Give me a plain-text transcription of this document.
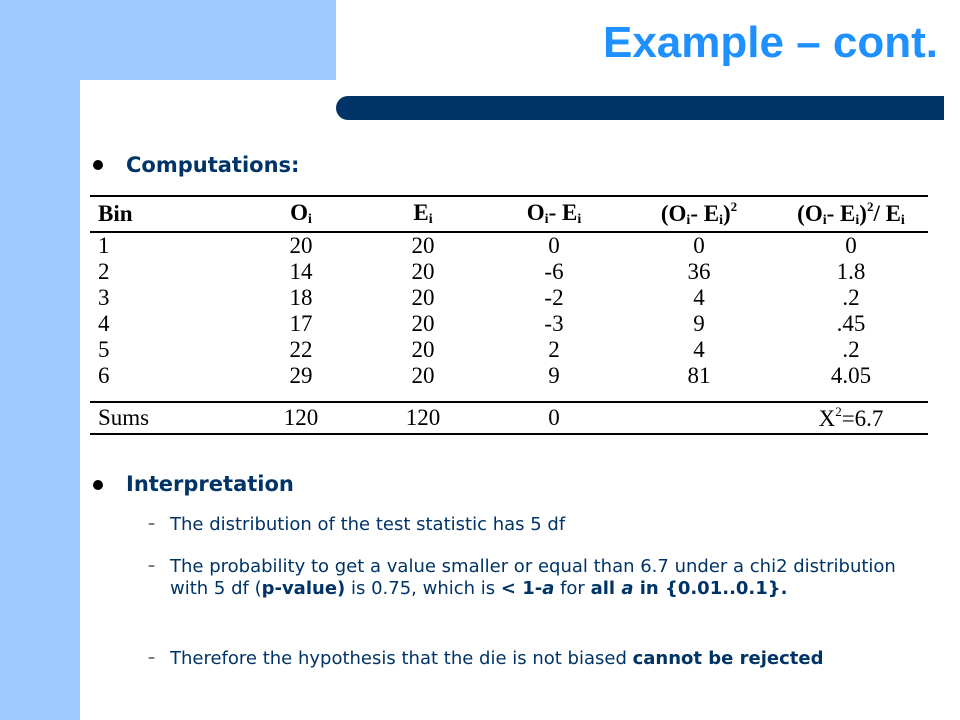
Example – cont.
Computations:
Bin	$O_i$	$E_i$	$O_i-$ $E_i$	($O_i-$ $E_i)^2$	($O_i-$ $E_i)^2/$ $E_i$
1	20	20	0	0	0
2	14	20	-6	36	1.8
3	18	20	-2	4	.2
4	17	20	-3	9	.45
5	22	20	2	4	.2
6	29	20	9	81	4.05

Sums	120	120	0		$X^2=6.7$
Interpretation
– The distribution of the test statistic has 5 df
– The probability to get a value smaller or equal than 6.7 under a chi2 distribution with 5 df (p-value) is 0.75, which is < 1-a for all a in {0.01..0.1}.
– Therefore the hypothesis that the die is not biased cannot be rejected
